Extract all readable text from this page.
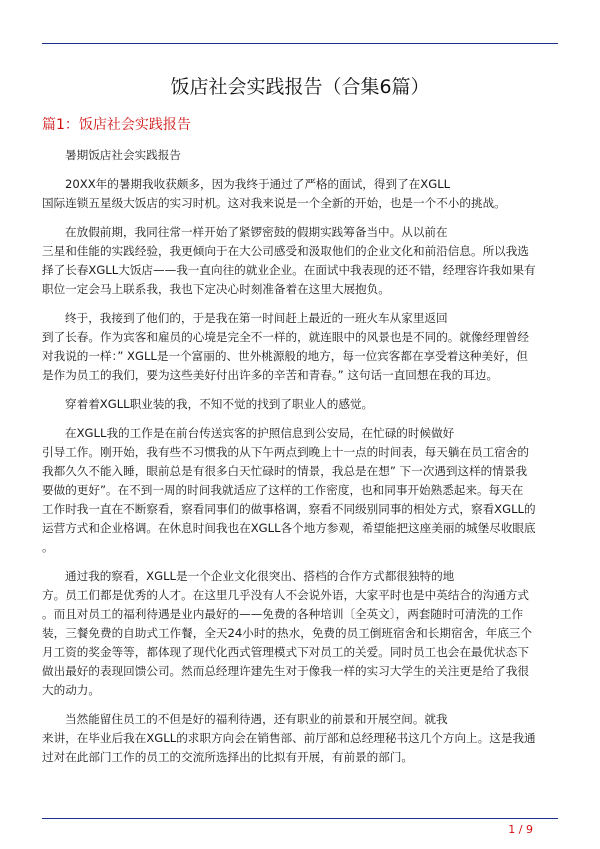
饭店社会实践报告（合集6篇）
篇1：饭店社会实践报告

暑期饭店社会实践报告

20XX年的暑期我收获颇多，因为我终于通过了严格的面试，得到了在XGLL
国际连锁五星级大饭店的实习时机。这对我来说是一个全新的开始，也是一个不小的挑战。

在放假前期，我同往常一样开始了紧锣密鼓的假期实践筹备当中。从以前在
三星和佳能的实践经验，我更倾向于在大公司感受和汲取他们的企业文化和前沿信息。所以我选
择了长春XGLL大饭店——我一直向往的就业企业。在面试中我表现的还不错，经理容许我如果有
职位一定会马上联系我，我也下定决心时刻准备着在这里大展抱负。

终于，我接到了他们的，于是我在第一时间赶上最近的一班火车从家里返回
到了长春。作为宾客和雇员的心境是完全不一样的，就连眼中的风景也是不同的。就像经理曾经
对我说的一样：” XGLL是一个富丽的、世外桃源般的地方，每一位宾客都在享受着这种美好，但
是作为员工的我们，要为这些美好付出许多的辛苦和青春。” 这句话一直回想在我的耳边。

穿着着XGLL职业装的我，不知不觉的找到了职业人的感觉。

在XGLL我的工作是在前台传送宾客的护照信息到公安局，在忙碌的时候做好
引导工作。刚开始，我有些不习惯我的从下午两点到晚上十一点的时间表，每天躺在员工宿舍的
我都久久不能入睡，眼前总是有很多白天忙碌时的情景，我总是在想” 下一次遇到这样的情景我
要做的更好”。在不到一周的时间我就适应了这样的工作密度，也和同事开始熟悉起来。每天在
工作时我一直在不断察看，察看同事们的做事格调，察看不同级别同事的相处方式，察看XGLL的
运营方式和企业格调。在休息时间我也在XGLL各个地方参观，希望能把这座美丽的城堡尽收眼底
。

通过我的察看，XGLL是一个企业文化很突出、搭档的合作方式都很独特的地
方。员工们都是优秀的人才。在这里几乎没有人不会说外语，大家平时也是中英结合的沟通方式
。而且对员工的福利待遇是业内最好的——免费的各种培训〔全英文〕，两套随时可清洗的工作
装，三餐免费的自助式工作餐，全天24小时的热水，免费的员工倒班宿舍和长期宿舍，年底三个
月工资的奖金等等，都体现了现代化西式管理模式下对员工的关爱。同时员工也会在最优状态下
做出最好的表现回馈公司。然而总经理许建先生对于像我一样的实习大学生的关注更是给了我很
大的动力。

当然能留住员工的不但是好的福利待遇，还有职业的前景和开展空间。就我
来讲，在毕业后我在XGLL的求职方向会在销售部、前厅部和总经理秘书这几个方向上。这是我通
过对在此部门工作的员工的交流所选择出的比拟有开展，有前景的部门。

1 / 9
